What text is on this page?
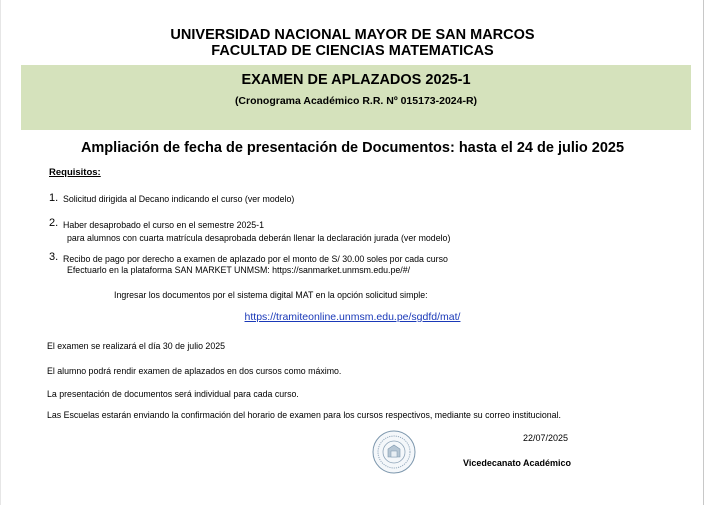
UNIVERSIDAD NACIONAL MAYOR DE SAN MARCOS
FACULTAD DE CIENCIAS MATEMATICAS
EXAMEN DE APLAZADOS 2025-1
(Cronograma Académico R.R. Nº 015173-2024-R)
Ampliación de fecha de presentación de Documentos: hasta el 24 de julio 2025
Requisitos:
1. Solicitud dirigida al Decano indicando el curso (ver modelo)
2. Haber desaprobado el curso en el semestre 2025-1
para alumnos con cuarta matrícula desaprobada deberán llenar la declaración jurada (ver modelo)
3. Recibo de pago por derecho a examen de aplazado por el monto de S/ 30.00 soles por cada curso
Efectuarlo en la plataforma SAN MARKET UNMSM: https://sanmarket.unmsm.edu.pe/#/
Ingresar los documentos por el sistema digital MAT en la opción solicitud simple:
https://tramiteonline.unmsm.edu.pe/sgdfd/mat/
El examen se realizará el día 30 de julio 2025
El alumno podrá rendir examen de aplazados en dos cursos como máximo.
La presentación de documentos será individual para cada curso.
Las Escuelas estarán enviando la confirmación del horario de examen para los cursos respectivos, mediante su correo institucional.
22/07/2025
Vicedecanato Académico
